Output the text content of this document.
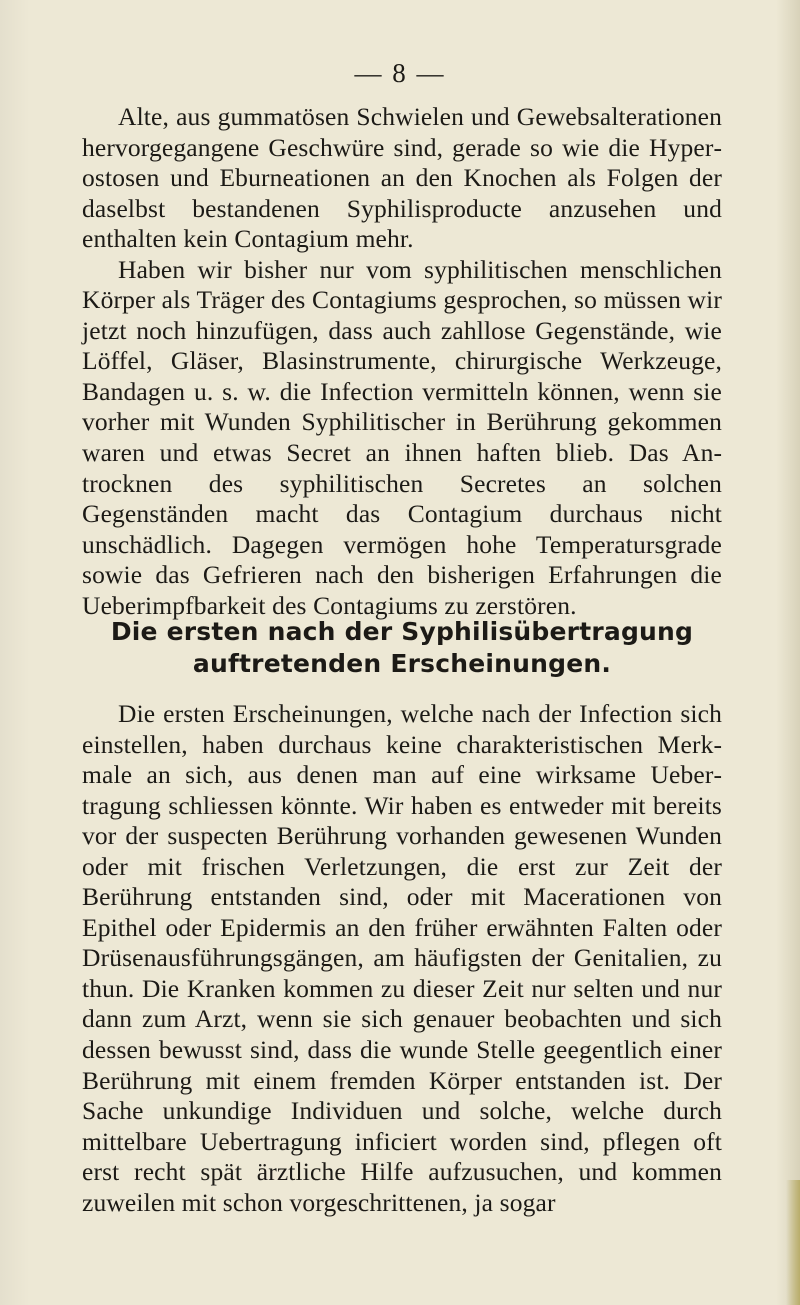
— 8 —

Alte, aus gummatösen Schwielen und Gewebsalterationen hervorgegangene Geschwüre sind, gerade so wie die Hyperostosen und Eburneationen an den Knochen als Folgen der daselbst bestandenen Syphilisproducte anzusehen und enthalten kein Contagium mehr.

Haben wir bisher nur vom syphilitischen menschlichen Körper als Träger des Contagiums gesprochen, so müssen wir jetzt noch hinzufügen, dass auch zahllose Gegenstände, wie Löffel, Gläser, Blasinstrumente, chirurgische Werkzeuge, Bandagen u. s. w. die Infection vermitteln können, wenn sie vorher mit Wunden Syphilitischer in Berührung gekommen waren und etwas Secret an ihnen haften blieb. Das Antrocknen des syphilitischen Secretes an solchen Gegenständen macht das Contagium durchaus nicht unschädlich. Dagegen vermögen hohe Temperatursgrade sowie das Gefrieren nach den bisherigen Erfahrungen die Ueberimpfbarkeit des Contagiums zu zerstören.

Die ersten nach der Syphilisübertragung
auftretenden Erscheinungen.

Die ersten Erscheinungen, welche nach der Infection sich einstellen, haben durchaus keine charakteristischen Merkmale an sich, aus denen man auf eine wirksame Uebertragung schliessen könnte. Wir haben es entweder mit bereits vor der suspecten Berührung vorhanden gewesenen Wunden oder mit frischen Verletzungen, die erst zur Zeit der Berührung entstanden sind, oder mit Macerationen von Epithel oder Epidermis an den früher erwähnten Falten oder Drüsenausführungsgängen, am häufigsten der Genitalien, zu thun. Die Kranken kommen zu dieser Zeit nur selten und nur dann zum Arzt, wenn sie sich genauer beobachten und sich dessen bewusst sind, dass die wunde Stelle geegentlich einer Berührung mit einem fremden Körper entstanden ist. Der Sache unkundige Individuen und solche, welche durch mittelbare Uebertragung inficiert worden sind, pflegen oft erst recht spät ärztliche Hilfe aufzusuchen, und kommen zuweilen mit schon vorgeschrittenen, ja sogar
